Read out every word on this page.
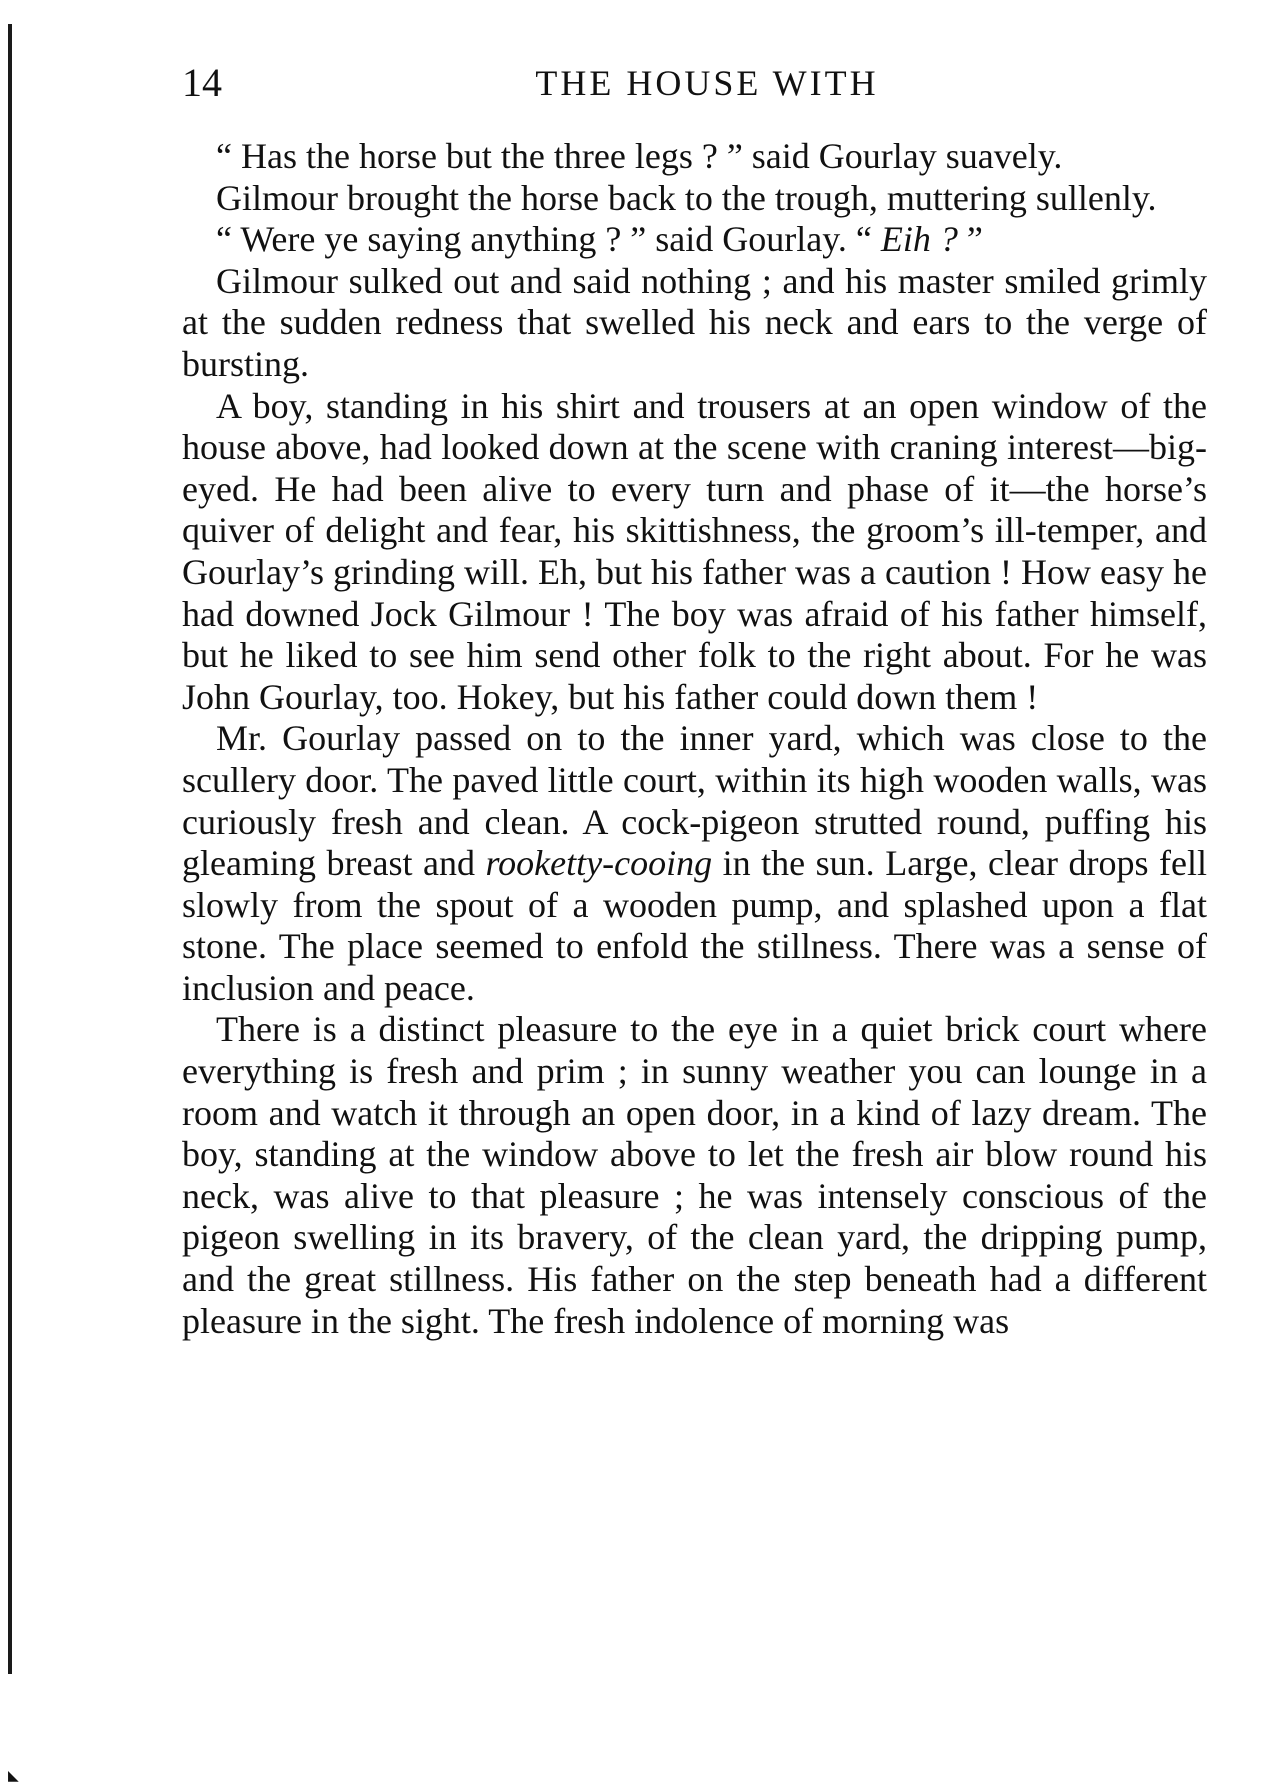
◣
14	THE HOUSE WITH

“ Has the horse but the three legs ? ” said Gourlay suavely.

Gilmour brought the horse back to the trough, muttering sullenly.

“ Were ye saying anything ? ” said Gourlay. “ Eih ? ”

Gilmour sulked out and said nothing ; and his master smiled grimly at the sudden redness that swelled his neck and ears to the verge of bursting.

A boy, standing in his shirt and trousers at an open window of the house above, had looked down at the scene with craning interest—big-eyed. He had been alive to every turn and phase of it—the horse’s quiver of delight and fear, his skittishness, the groom’s ill-temper, and Gourlay’s grinding will. Eh, but his father was a caution ! How easy he had downed Jock Gilmour ! The boy was afraid of his father himself, but he liked to see him send other folk to the right about. For he was John Gourlay, too. Hokey, but his father could down them !

Mr. Gourlay passed on to the inner yard, which was close to the scullery door. The paved little court, within its high wooden walls, was curiously fresh and clean. A cock-pigeon strutted round, puffing his gleaming breast and rooketty-cooing in the sun. Large, clear drops fell slowly from the spout of a wooden pump, and splashed upon a flat stone. The place seemed to enfold the stillness. There was a sense of inclusion and peace.

There is a distinct pleasure to the eye in a quiet brick court where everything is fresh and prim ; in sunny weather you can lounge in a room and watch it through an open door, in a kind of lazy dream. The boy, standing at the window above to let the fresh air blow round his neck, was alive to that pleasure ; he was intensely conscious of the pigeon swelling in its bravery, of the clean yard, the dripping pump, and the great stillness. His father on the step beneath had a different pleasure in the sight. The fresh indolence of morning was
